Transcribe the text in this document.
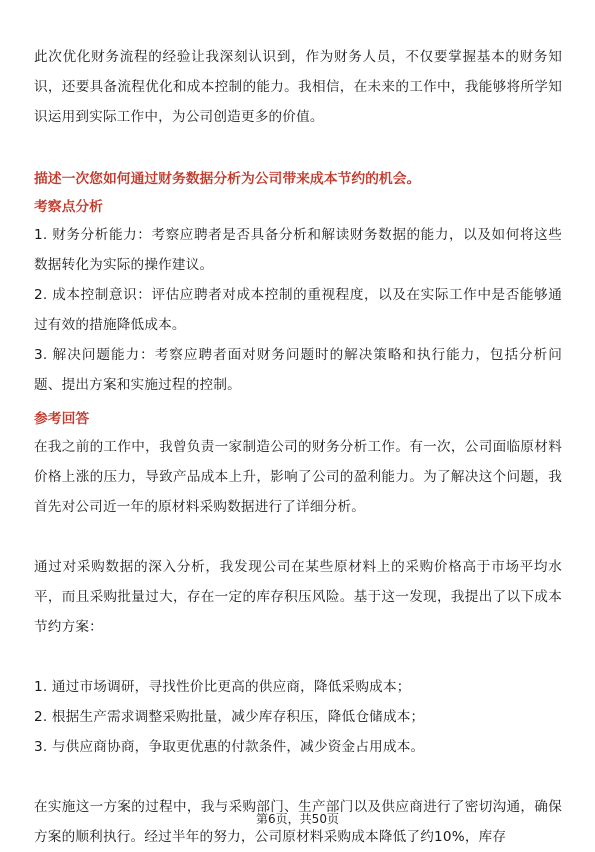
此次优化财务流程的经验让我深刻认识到，作为财务人员，不仅要掌握基本的财务知识，还要具备流程优化和成本控制的能力。我相信，在未来的工作中，我能够将所学知识运用到实际工作中，为公司创造更多的价值。

描述一次您如何通过财务数据分析为公司带来成本节约的机会。
考察点分析

1. 财务分析能力：考察应聘者是否具备分析和解读财务数据的能力，以及如何将这些数据转化为实际的操作建议。

2. 成本控制意识：评估应聘者对成本控制的重视程度，以及在实际工作中是否能够通过有效的措施降低成本。

3. 解决问题能力：考察应聘者面对财务问题时的解决策略和执行能力，包括分析问题、提出方案和实施过程的控制。

参考回答

在我之前的工作中，我曾负责一家制造公司的财务分析工作。有一次，公司面临原材料价格上涨的压力，导致产品成本上升，影响了公司的盈利能力。为了解决这个问题，我首先对公司近一年的原材料采购数据进行了详细分析。

通过对采购数据的深入分析，我发现公司在某些原材料上的采购价格高于市场平均水平，而且采购批量过大，存在一定的库存积压风险。基于这一发现，我提出了以下成本节约方案：

1. 通过市场调研，寻找性价比更高的供应商，降低采购成本；

2. 根据生产需求调整采购批量，减少库存积压，降低仓储成本；

3. 与供应商协商，争取更优惠的付款条件，减少资金占用成本。

在实施这一方案的过程中，我与采购部门、生产部门以及供应商进行了密切沟通，确保方案的顺利执行。经过半年的努力，公司原材料采购成本降低了约10%，库存

第6页，共50页
